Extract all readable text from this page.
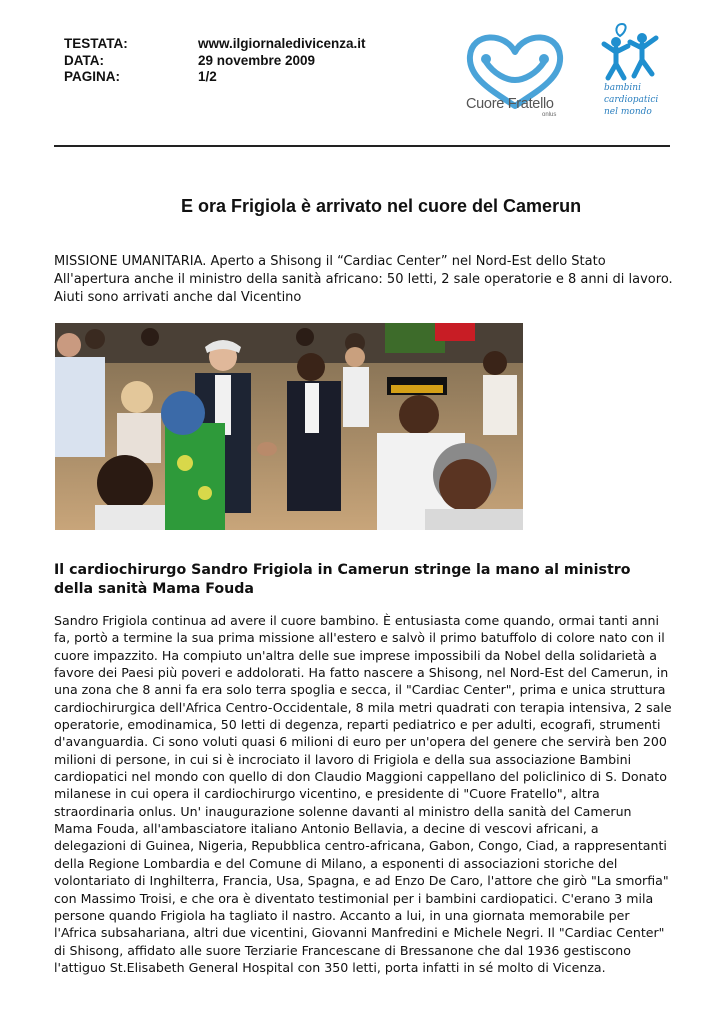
TESTATA:	www.ilgiornaledivicenza.it
DATA:	29 novembre 2009
PAGINA:	1/2
Cuore Fratello
onlus
bambini
cardiopatici
nel mondo
E ora Frigiola è arrivato nel cuore del Camerun

MISSIONE UMANITARIA. Aperto a Shisong il “Cardiac Center” nel Nord-Est dello Stato All'apertura anche il ministro della sanità africano: 50 letti, 2 sale operatorie e 8 anni di lavoro. Aiuti sono arrivati anche dal Vicentino

Il cardiochirurgo Sandro Frigiola in Camerun stringe la mano al ministro della sanità Mama Fouda

Sandro Frigiola continua ad avere il cuore bambino. È entusiasta come quando, ormai tanti anni fa, portò a termine la sua prima missione all'estero e salvò il primo batuffolo di colore nato con il cuore impazzito. Ha compiuto un'altra delle sue imprese impossibili da Nobel della solidarietà a favore dei Paesi più poveri e addolorati. Ha fatto nascere a Shisong, nel Nord-Est del Camerun, in una zona che 8 anni fa era solo terra spoglia e secca, il "Cardiac Center", prima e unica struttura cardiochirurgica dell'Africa Centro-Occidentale, 8 mila metri quadrati con terapia intensiva, 2 sale operatorie, emodinamica, 50 letti di degenza, reparti pediatrico e per adulti, ecografi, strumenti d'avanguardia. Ci sono voluti quasi 6 milioni di euro per un'opera del genere che servirà ben 200 milioni di persone, in cui si è incrociato il lavoro di Frigiola e della sua associazione Bambini cardiopatici nel mondo con quello di don Claudio Maggioni cappellano del policlinico di S. Donato milanese in cui opera il cardiochirurgo vicentino, e presidente di "Cuore Fratello", altra straordinaria onlus. Un' inaugurazione solenne davanti al ministro della sanità del Camerun Mama Fouda, all'ambasciatore italiano Antonio Bellavia, a decine di vescovi africani, a delegazioni di Guinea, Nigeria, Repubblica centro-africana, Gabon, Congo, Ciad, a rappresentanti della Regione Lombardia e del Comune di Milano, a esponenti di associazioni storiche del volontariato di Inghilterra, Francia, Usa, Spagna, e ad Enzo De Caro, l'attore che girò "La smorfia" con Massimo Troisi, e che ora è diventato testimonial per i bambini cardiopatici. C'erano 3 mila persone quando Frigiola ha tagliato il nastro. Accanto a lui, in una giornata memorabile per l'Africa subsahariana, altri due vicentini, Giovanni Manfredini e Michele Negri. Il "Cardiac Center" di Shisong, affidato alle suore Terziarie Francescane di Bressanone che dal 1936 gestiscono l'attiguo St.Elisabeth General Hospital con 350 letti, porta infatti in sé molto di Vicenza.
